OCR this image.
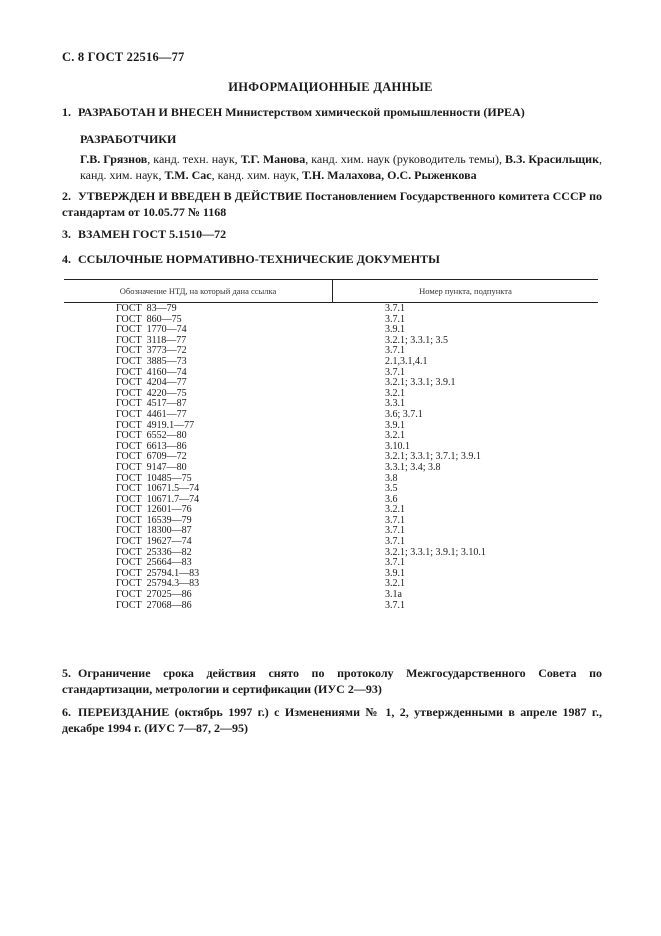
С. 8 ГОСТ 22516—77
ИНФОРМАЦИОННЫЕ ДАННЫЕ
1. РАЗРАБОТАН И ВНЕСЕН Министерством химической промышленности (ИРЕА)
РАЗРАБОТЧИКИ
Г.В. Грязнов, канд. техн. наук, Т.Г. Манова, канд. хим. наук (руководитель темы), В.З. Красильщик, канд. хим. наук, Т.М. Сас, канд. хим. наук, Т.Н. Малахова, О.С. Рыженкова
2. УТВЕРЖДЕН И ВВЕДЕН В ДЕЙСТВИЕ Постановлением Государственного комитета СССР по стандартам от 10.05.77 № 1168
3. ВЗАМЕН ГОСТ 5.1510—72
4. ССЫЛОЧНЫЕ НОРМАТИВНО-ТЕХНИЧЕСКИЕ ДОКУМЕНТЫ
Обозначение НТД, на который дана ссылка	Номер пункта, подпункта
ГОСТ  83—79	3.7.1
ГОСТ  860—75	3.7.1
ГОСТ  1770—74	3.9.1
ГОСТ  3118—77	3.2.1; 3.3.1; 3.5
ГОСТ  3773—72	3.7.1
ГОСТ  3885—73	2.1,3.1,4.1
ГОСТ  4160—74	3.7.1
ГОСТ  4204—77	3.2.1; 3.3.1; 3.9.1
ГОСТ  4220—75	3.2.1
ГОСТ  4517—87	3.3.1
ГОСТ  4461—77	3.6; 3.7.1
ГОСТ  4919.1—77	3.9.1
ГОСТ  6552—80	3.2.1
ГОСТ  6613—86	3.10.1
ГОСТ  6709—72	3.2.1; 3.3.1; 3.7.1; 3.9.1
ГОСТ  9147—80	3.3.1; 3.4; 3.8
ГОСТ  10485—75	3.8
ГОСТ  10671.5—74	3.5
ГОСТ  10671.7—74	3.6
ГОСТ  12601—76	3.2.1
ГОСТ  16539—79	3.7.1
ГОСТ  18300—87	3.7.1
ГОСТ  19627—74	3.7.1
ГОСТ  25336—82	3.2.1; 3.3.1; 3.9.1; 3.10.1
ГОСТ  25664—83	3.7.1
ГОСТ  25794.1—83	3.9.1
ГОСТ  25794.3—83	3.2.1
ГОСТ  27025—86	3.1а
ГОСТ  27068—86	3.7.1
5. Ограничение срока действия снято по протоколу Межгосударственного Совета по стандартизации, метрологии и сертификации (ИУС 2—93)
6. ПЕРЕИЗДАНИЕ (октябрь 1997 г.) с Изменениями № 1, 2, утвержденными в апреле 1987 г., декабре 1994 г. (ИУС 7—87, 2—95)
